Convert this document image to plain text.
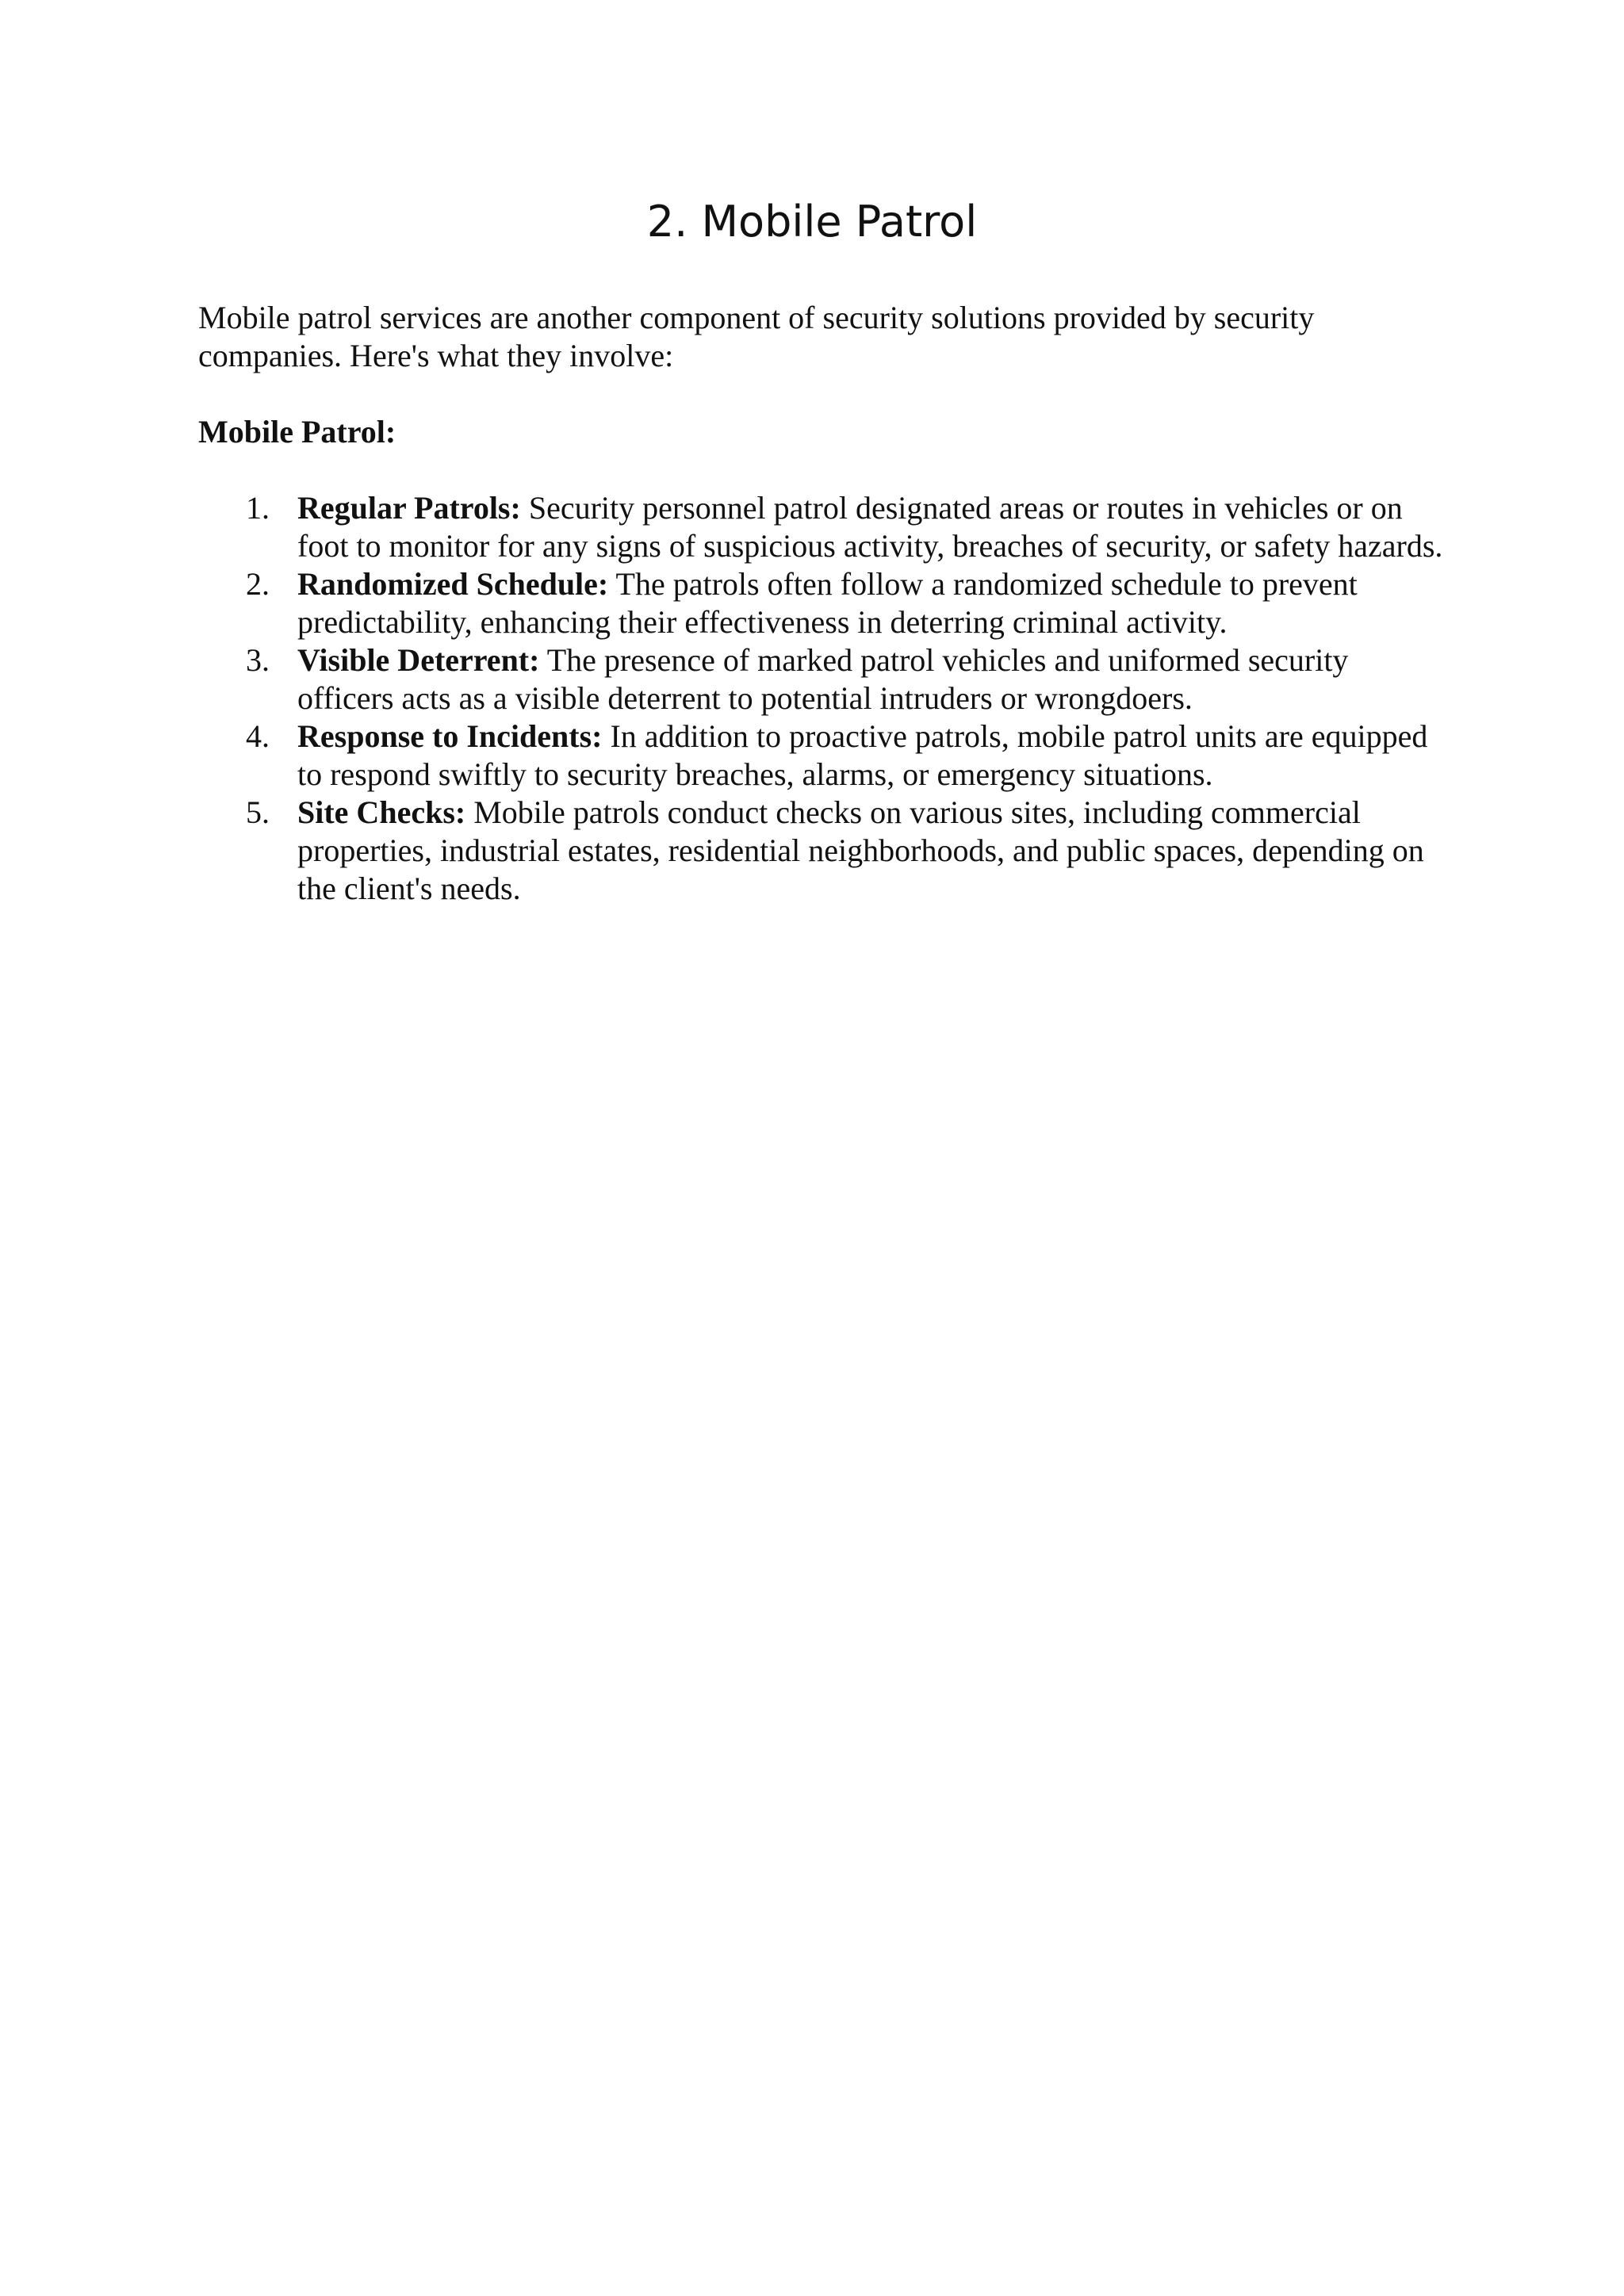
2. Mobile Patrol

Mobile patrol services are another component of security solutions provided by security companies. Here's what they involve:

Mobile Patrol:

1. Regular Patrols: Security personnel patrol designated areas or routes in vehicles or on foot to monitor for any signs of suspicious activity, breaches of security, or safety hazards.
2. Randomized Schedule: The patrols often follow a randomized schedule to prevent predictability, enhancing their effectiveness in deterring criminal activity.
3. Visible Deterrent: The presence of marked patrol vehicles and uniformed security officers acts as a visible deterrent to potential intruders or wrongdoers.
4. Response to Incidents: In addition to proactive patrols, mobile patrol units are equipped to respond swiftly to security breaches, alarms, or emergency situations.
5. Site Checks: Mobile patrols conduct checks on various sites, including commercial properties, industrial estates, residential neighborhoods, and public spaces, depending on the client's needs.
